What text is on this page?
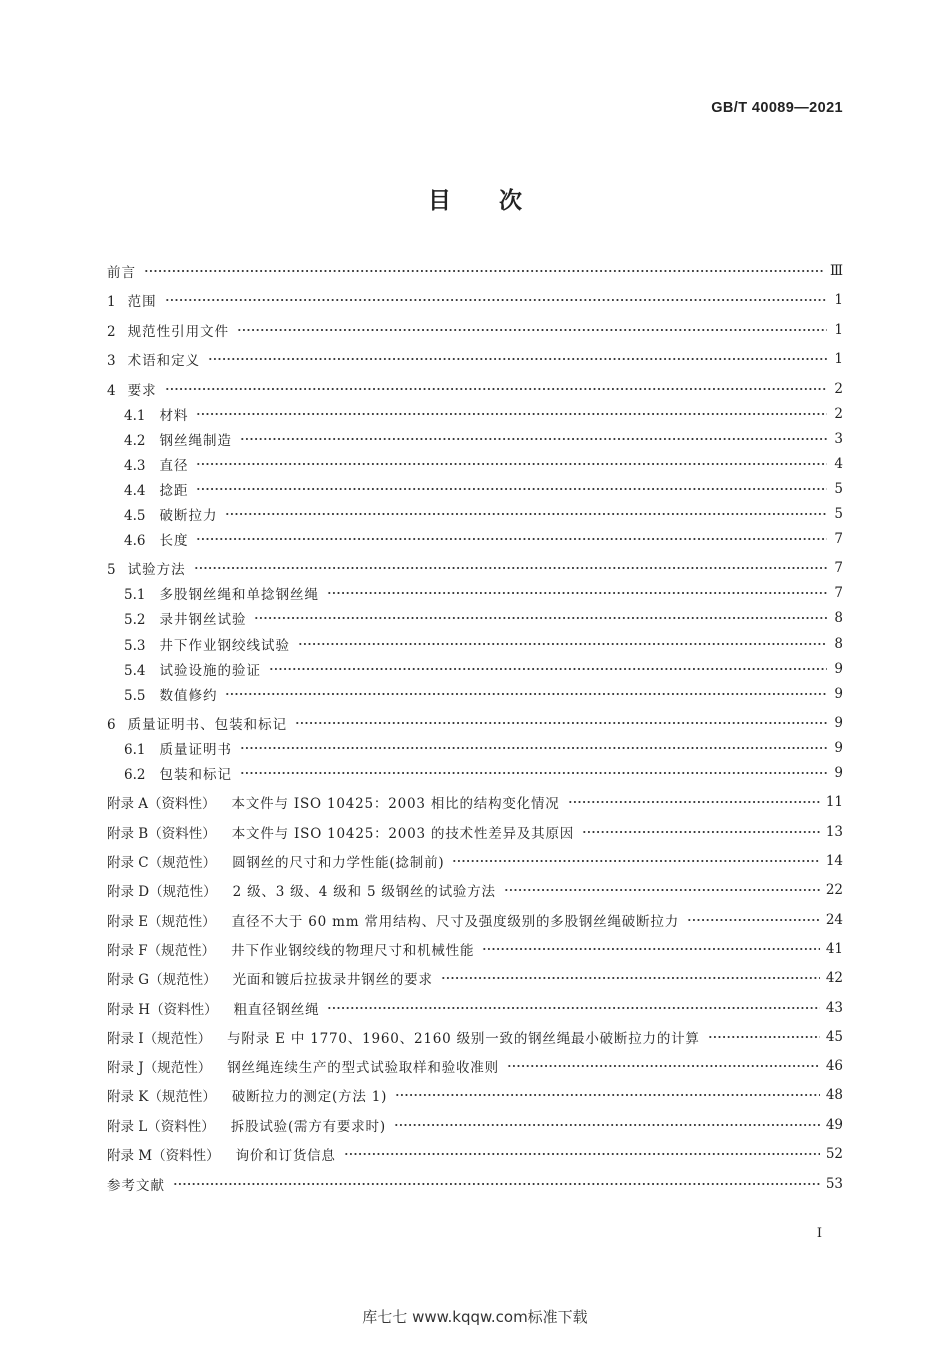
GB/T 40089—2021
目次
前言	Ⅲ
1 范围	1
2 规范性引用文件	1
3 术语和定义	1
4 要求	2
4.1 材料	2
4.2 钢丝绳制造	3
4.3 直径	4
4.4 捻距	5
4.5 破断拉力	5
4.6 长度	7
5 试验方法	7
5.1 多股钢丝绳和单捻钢丝绳	7
5.2 录井钢丝试验	8
5.3 井下作业钢绞线试验	8
5.4 试验设施的验证	9
5.5 数值修约	9
6 质量证明书、包装和标记	9
6.1 质量证明书	9
6.2 包装和标记	9
附录 A（资料性） 本文件与 ISO 10425：2003 相比的结构变化情况	11
附录 B（资料性） 本文件与 ISO 10425：2003 的技术性差异及其原因	13
附录 C（规范性） 圆钢丝的尺寸和力学性能(捻制前)	14
附录 D（规范性） 2 级、3 级、4 级和 5 级钢丝的试验方法	22
附录 E（规范性） 直径不大于 60 mm 常用结构、尺寸及强度级别的多股钢丝绳破断拉力	24
附录 F（规范性） 井下作业钢绞线的物理尺寸和机械性能	41
附录 G（规范性） 光面和镀后拉拔录井钢丝的要求	42
附录 H（资料性） 粗直径钢丝绳	43
附录 I（规范性） 与附录 E 中 1770、1960、2160 级别一致的钢丝绳最小破断拉力的计算	45
附录 J（规范性） 钢丝绳连续生产的型式试验取样和验收准则	46
附录 K（规范性） 破断拉力的测定(方法 1)	48
附录 L（资料性） 拆股试验(需方有要求时)	49
附录 M（资料性） 询价和订货信息	52
参考文献	53
I
库七七 www.kqqw.com标准下载
